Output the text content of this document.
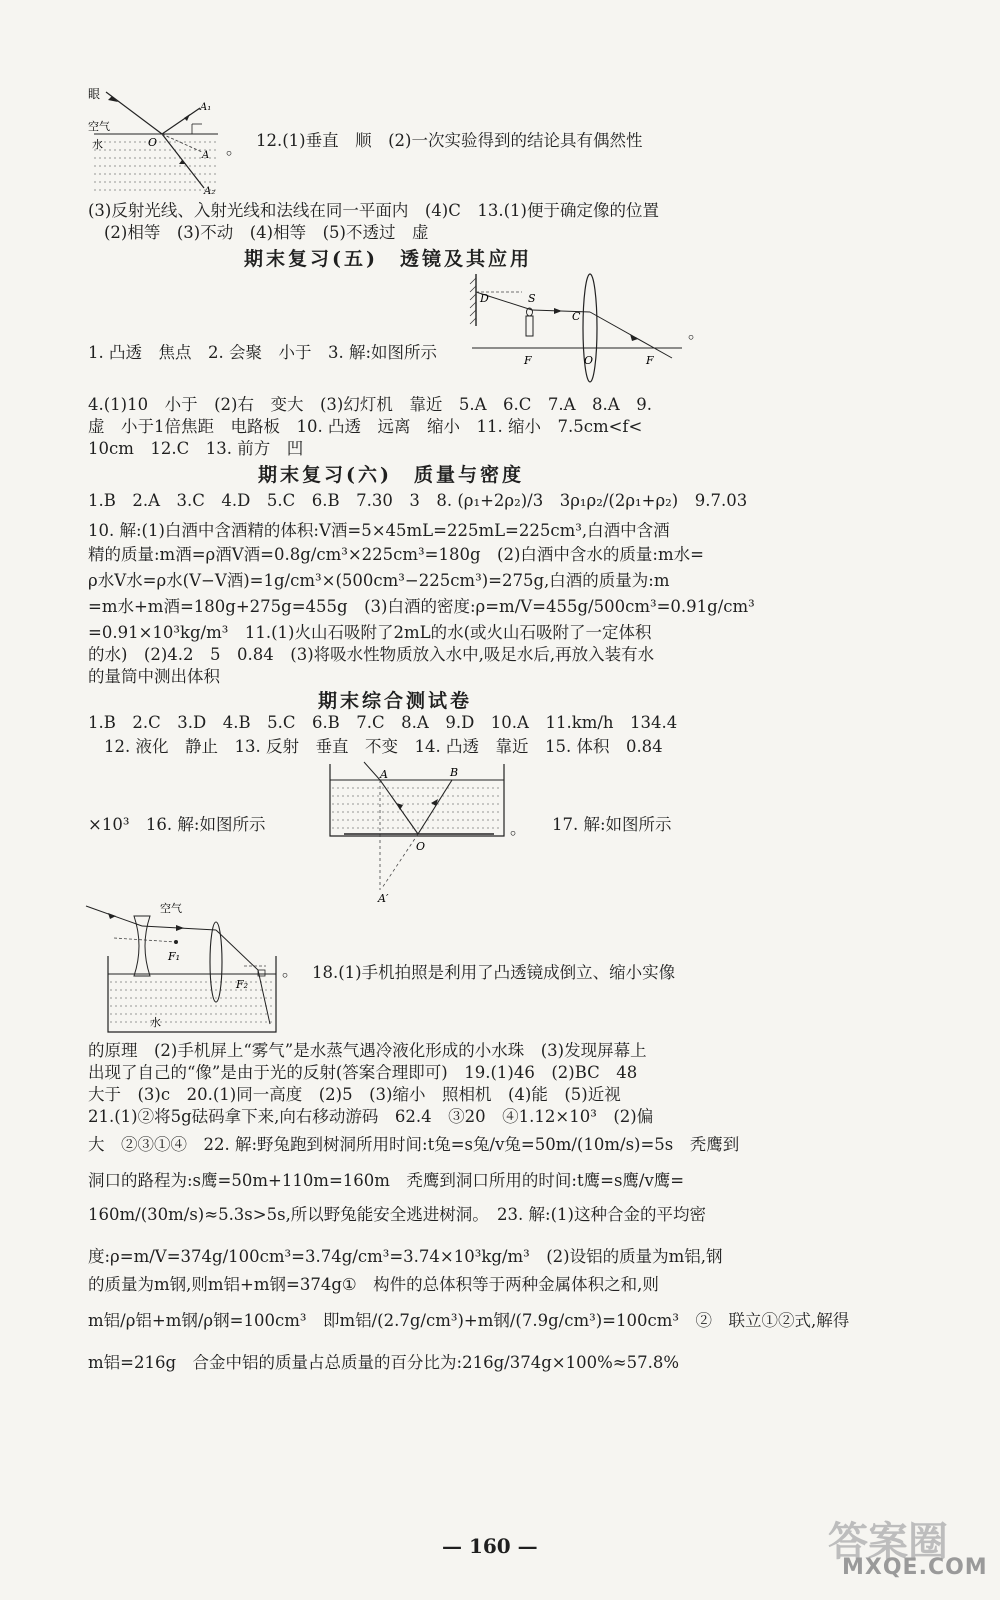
眼
空气
水	O
A₁
A
A₂
。 12.(1)垂直　顺　(2)一次实验得到的结论具有偶然性
(3)反射光线、入射光线和法线在同一平面内　(4)C　13.(1)便于确定像的位置
(2)相等　(3)不动　(4)相等　(5)不透过　虚
期末复习(五)　透镜及其应用
D	S
C
F	O	F
。
1. 凸透　焦点　2. 会聚　小于　3. 解:如图所示
4.(1)10　小于　(2)右　变大　(3)幻灯机　靠近　5.A　6.C　7.A　8.A　9.
虚　小于1倍焦距　电路板　10. 凸透　远离　缩小　11. 缩小　7.5cm<f<
10cm　12.C　13. 前方　凹
期末复习(六)　质量与密度
1.B　2.A　3.C　4.D　5.C　6.B　7.30　3　8. (ρ₁+2ρ₂)/3　3ρ₁ρ₂/(2ρ₁+ρ₂)　9.7.03
10. 解:(1)白酒中含酒精的体积:V酒=5×45mL=225mL=225cm³,白酒中含酒
精的质量:m酒=ρ酒V酒=0.8g/cm³×225cm³=180g　(2)白酒中含水的质量:m水=
ρ水V水=ρ水(V−V酒)=1g/cm³×(500cm³−225cm³)=275g,白酒的质量为:m
=m水+m酒=180g+275g=455g　(3)白酒的密度:ρ=m/V=455g/500cm³=0.91g/cm³
=0.91×10³kg/m³　11.(1)火山石吸附了2mL的水(或火山石吸附了一定体积
的水)　(2)4.2　5　0.84　(3)将吸水性物质放入水中,吸足水后,再放入装有水
的量筒中测出体积
期末综合测试卷
1.B　2.C　3.D　4.B　5.C　6.B　7.C　8.A　9.D　10.A　11.km/h　134.4
12. 液化　静止　13. 反射　垂直　不变　14. 凸透　靠近　15. 体积　0.84
A	B
O
A′
。
×10³　16. 解:如图所示	17. 解:如图所示
空气
F₁
F₂
水
。 18.(1)手机拍照是利用了凸透镜成倒立、缩小实像
的原理　(2)手机屏上“雾气”是水蒸气遇冷液化形成的小水珠　(3)发现屏幕上
出现了自己的“像”是由于光的反射(答案合理即可)　19.(1)46　(2)BC　48
大于　(3)c　20.(1)同一高度　(2)5　(3)缩小　照相机　(4)能　(5)近视
21.(1)②将5g砝码拿下来,向右移动游码　62.4　③20　④1.12×10³　(2)偏
大　②③①④　22. 解:野兔跑到树洞所用时间:t兔=s兔/v兔=50m/(10m/s)=5s　秃鹰到
洞口的路程为:s鹰=50m+110m=160m　秃鹰到洞口所用的时间:t鹰=s鹰/v鹰=
160m/(30m/s)≈5.3s>5s,所以野兔能安全逃进树洞。　23. 解:(1)这种合金的平均密
度:ρ=m/V=374g/100cm³=3.74g/cm³=3.74×10³kg/m³　(2)设铝的质量为m铝,钢
的质量为m钢,则m铝+m钢=374g①　构件的总体积等于两种金属体积之和,则
m铝/ρ铝+m钢/ρ钢=100cm³　即m铝/(2.7g/cm³)+m钢/(7.9g/cm³)=100cm³　②　联立①②式,解得
m铝=216g　合金中铝的质量占总质量的百分比为:216g/374g×100%≈57.8%
— 160 —	答案圈
MXQE.COM
